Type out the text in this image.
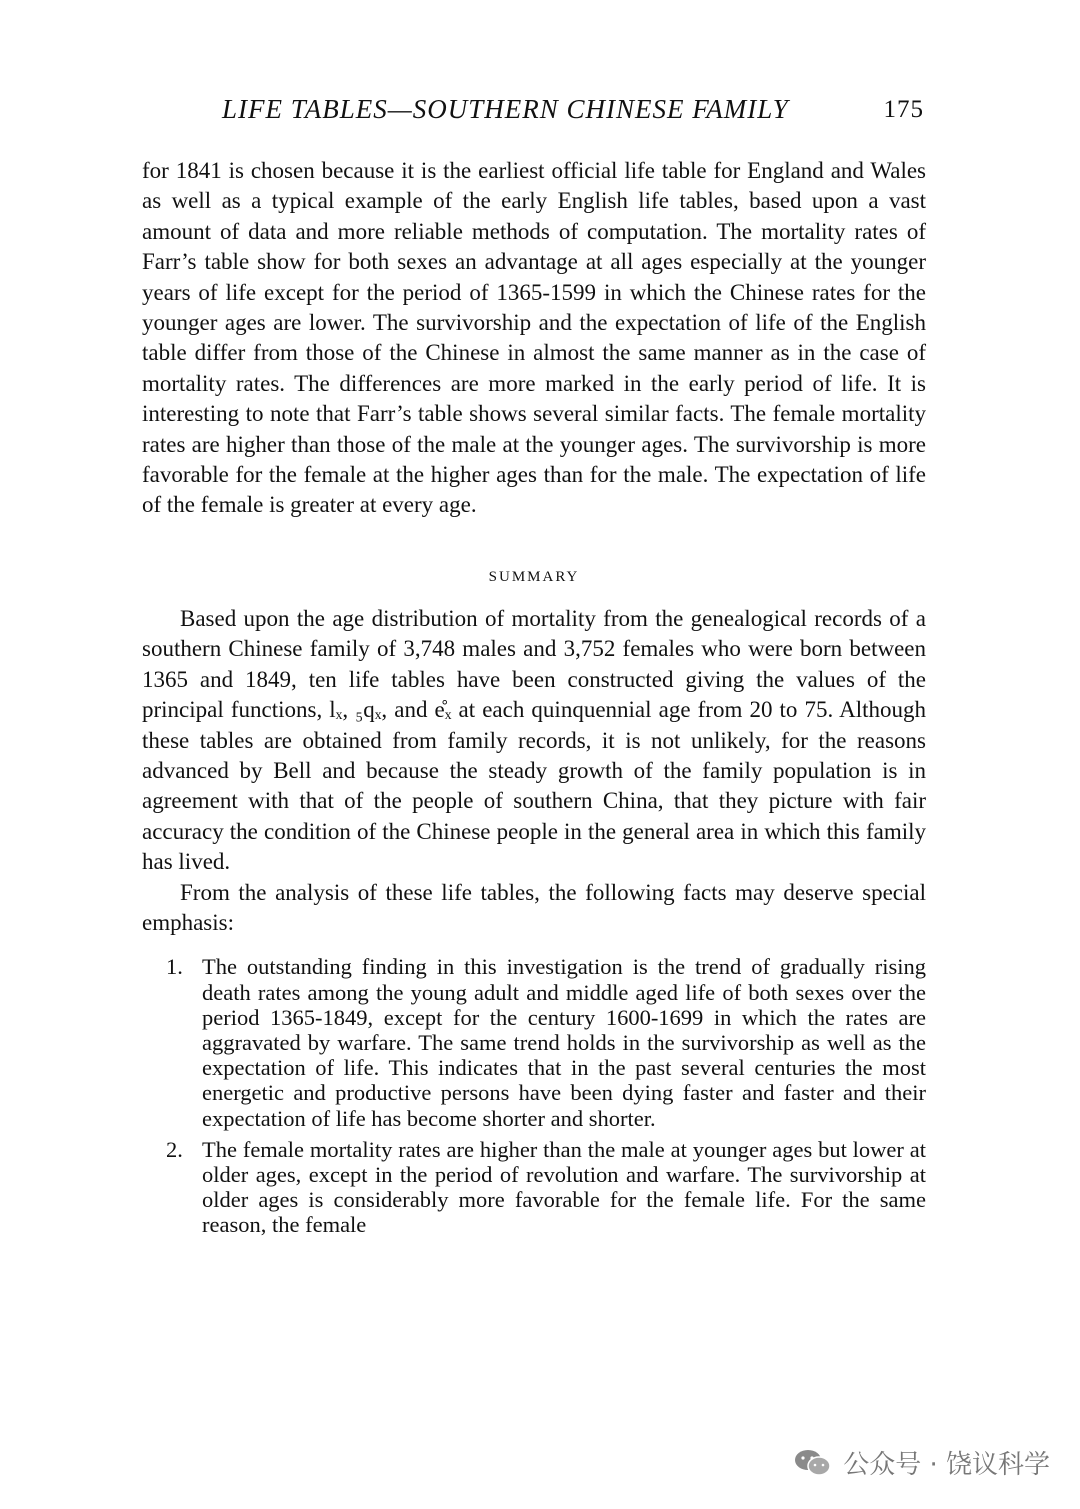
LIFE TABLES—SOUTHERN CHINESE FAMILY	175

for 1841 is chosen because it is the earliest official life table for England and Wales as well as a typical example of the early English life tables, based upon a vast amount of data and more reliable methods of computation. The mortality rates of Farr’s table show for both sexes an advantage at all ages especially at the younger years of life except for the period of 1365-1599 in which the Chinese rates for the younger ages are lower. The survivorship and the expectation of life of the English table differ from those of the Chinese in almost the same manner as in the case of mortality rates. The differences are more marked in the early period of life. It is interesting to note that Farr’s table shows several similar facts. The female mortality rates are higher than those of the male at the younger ages. The survivorship is more favorable for the female at the higher ages than for the male. The expectation of life of the female is greater at every age.

SUMMARY

Based upon the age distribution of mortality from the genealogical records of a southern Chinese family of 3,748 males and 3,752 females who were born between 1365 and 1849, ten life tables have been constructed giving the values of the principal functions, lₓ, ₅qₓ, and e̊ₓ at each quinquennial age from 20 to 75. Although these tables are obtained from family records, it is not unlikely, for the reasons advanced by Bell and because the steady growth of the family population is in agreement with that of the people of southern China, that they picture with fair accuracy the condition of the Chinese people in the general area in which this family has lived.

From the analysis of these life tables, the following facts may deserve special emphasis:

1. The outstanding finding in this investigation is the trend of gradually rising death rates among the young adult and middle aged life of both sexes over the period 1365-1849, except for the century 1600-1699 in which the rates are aggravated by warfare. The same trend holds in the survivorship as well as the expectation of life. This indicates that in the past several centuries the most energetic and productive persons have been dying faster and faster and their expectation of life has become shorter and shorter.
2. The female mortality rates are higher than the male at younger ages but lower at older ages, except in the period of revolution and warfare. The survivorship at older ages is considerably more favorable for the female life. For the same reason, the female
公众号 · 饶议科学
